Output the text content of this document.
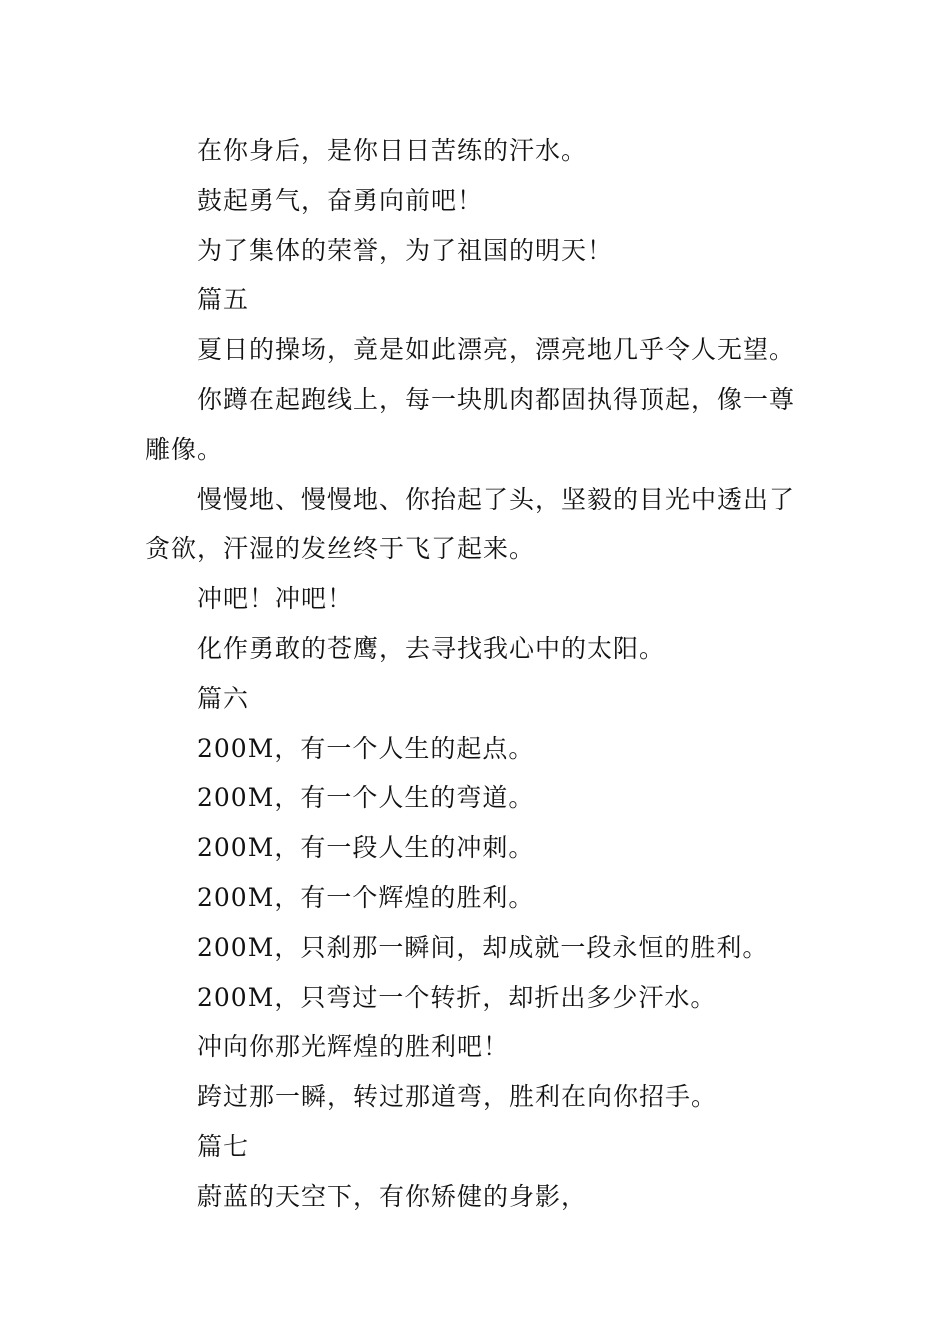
在你身后，是你日日苦练的汗水。

鼓起勇气，奋勇向前吧！

为了集体的荣誉，为了祖国的明天！

篇五

夏日的操场，竟是如此漂亮，漂亮地几乎令人无望。

你蹲在起跑线上，每一块肌肉都固执得顶起，像一尊雕像。

慢慢地、慢慢地、你抬起了头，坚毅的目光中透出了贪欲，汗湿的发丝终于飞了起来。

冲吧！冲吧！

化作勇敢的苍鹰，去寻找我心中的太阳。

篇六

200M，有一个人生的起点。

200M，有一个人生的弯道。

200M，有一段人生的冲刺。

200M，有一个辉煌的胜利。

200M，只刹那一瞬间，却成就一段永恒的胜利。

200M，只弯过一个转折，却折出多少汗水。

冲向你那光辉煌的胜利吧！

跨过那一瞬，转过那道弯，胜利在向你招手。

篇七

蔚蓝的天空下，有你矫健的身影，
